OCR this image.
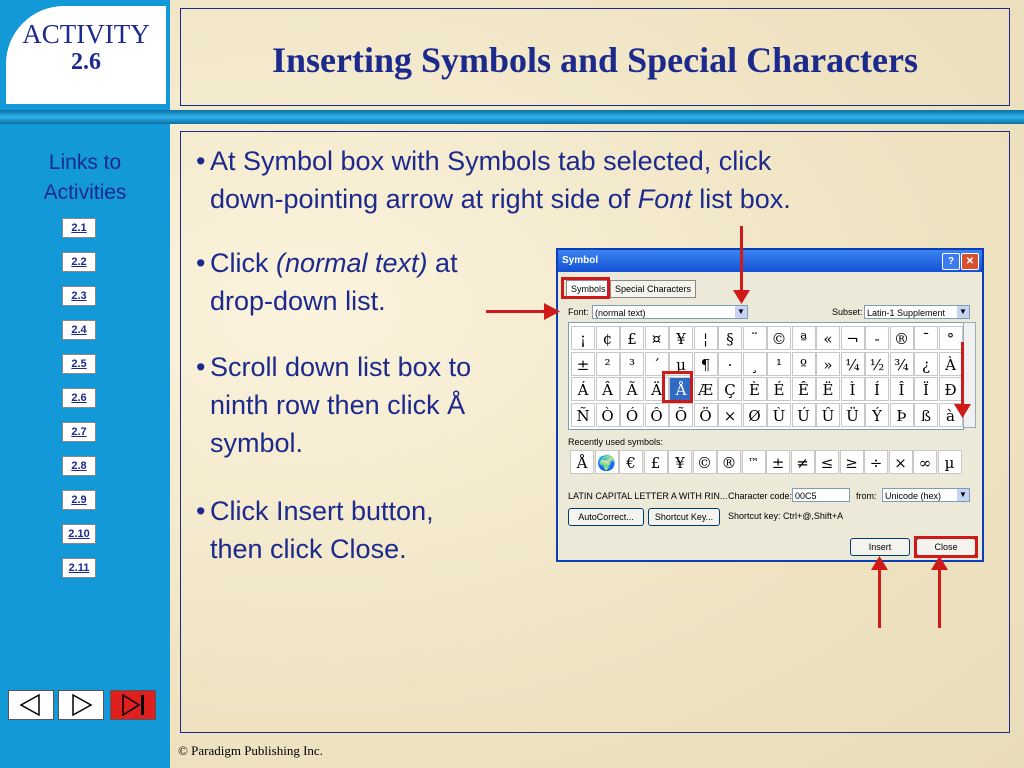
ACTIVITY
2.6	Inserting Symbols and Special Characters
Links to
Activities
2.1
2.2
2.3
2.4
2.5
2.6
2.7
2.8
2.9
2.10
2.11
• At Symbol box with Symbols tab selected, click
down-pointing arrow at right side of Font list box.
• Click (normal text) at
drop-down list.
• Scroll down list box to
ninth row then click Å
symbol.
• Click Insert button,
then click Close.
Symbol	?	✕
Symbols	Special Characters
Font: (normal text)	▼	Subset: Latin-1 Supplement ▼
¡	¢ £ ¤ ¥	¦	§	¨ © ª	« ¬	- ® ¯	°
±	²	³	´	µ ¶	·	¸	¹	º	» ¼ ½ ¾ ¿	À
Á Â Ã Ä Å Æ Ç È É Ê Ë	Ì	Í	Î	Ï	Ð
Ñ Ò Ó Ô Õ Ö × Ø Ù Ú Û Ü Ý Þ ß	à
Recently used symbols:
Å 🌍 € £ ¥ © ®	™ ± ≠ ≤ ≥ ÷ × ∞ µ
LATIN CAPITAL LETTER A WITH RIN... Character code: 00C5	from: Unicode (hex) ▼
AutoCorrect...	Shortcut Key...	Shortcut key: Ctrl+@,Shift+A
Insert	Close
© Paradigm Publishing Inc.
